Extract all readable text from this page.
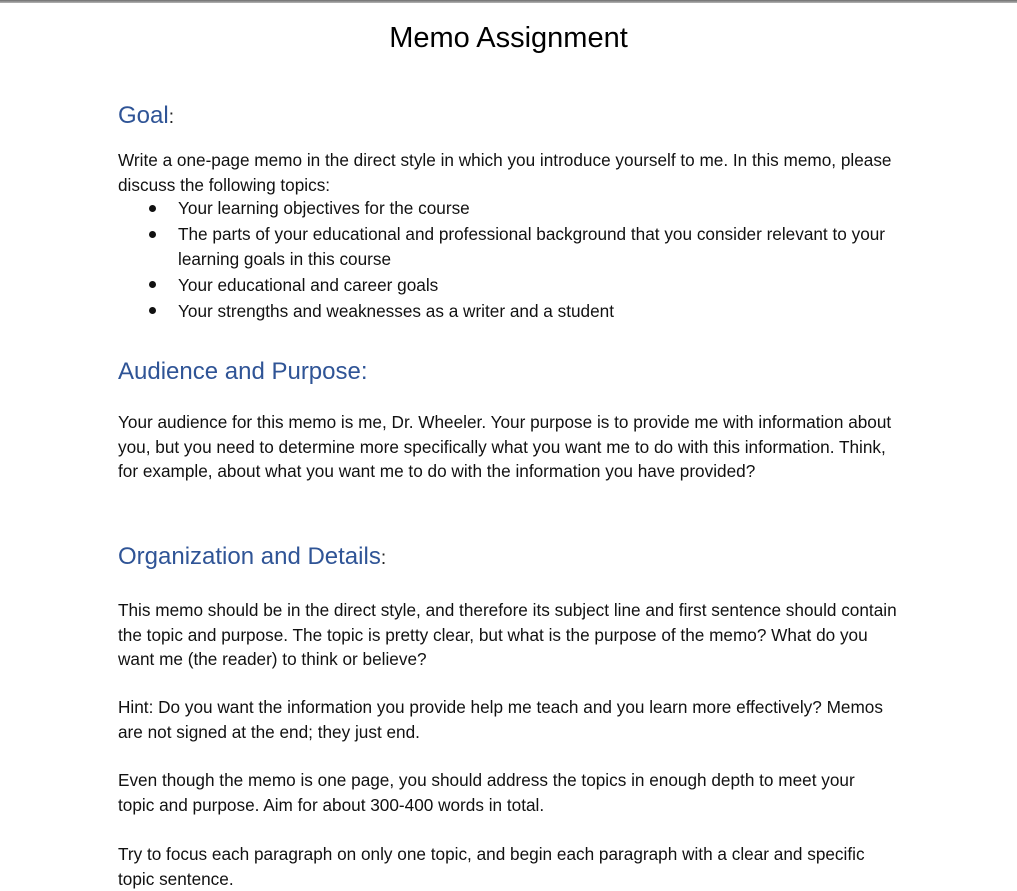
Memo Assignment
Goal:

Write a one-page memo in the direct style in which you introduce yourself to me. In this memo, please discuss the following topics:

Your learning objectives for the course
The parts of your educational and professional background that you consider relevant to your learning goals in this course
Your educational and career goals
Your strengths and weaknesses as a writer and a student
Audience and Purpose:

Your audience for this memo is me, Dr. Wheeler. Your purpose is to provide me with information about you, but you need to determine more specifically what you want me to do with this information. Think, for example, about what you want me to do with the information you have provided?

Organization and Details:

This memo should be in the direct style, and therefore its subject line and first sentence should contain the topic and purpose. The topic is pretty clear, but what is the purpose of the memo? What do you want me (the reader) to think or believe?

Hint: Do you want the information you provide help me teach and you learn more effectively? Memos are not signed at the end; they just end.

Even though the memo is one page, you should address the topics in enough depth to meet your topic and purpose. Aim for about 300-400 words in total.

Try to focus each paragraph on only one topic, and begin each paragraph with a clear and specific topic sentence.
